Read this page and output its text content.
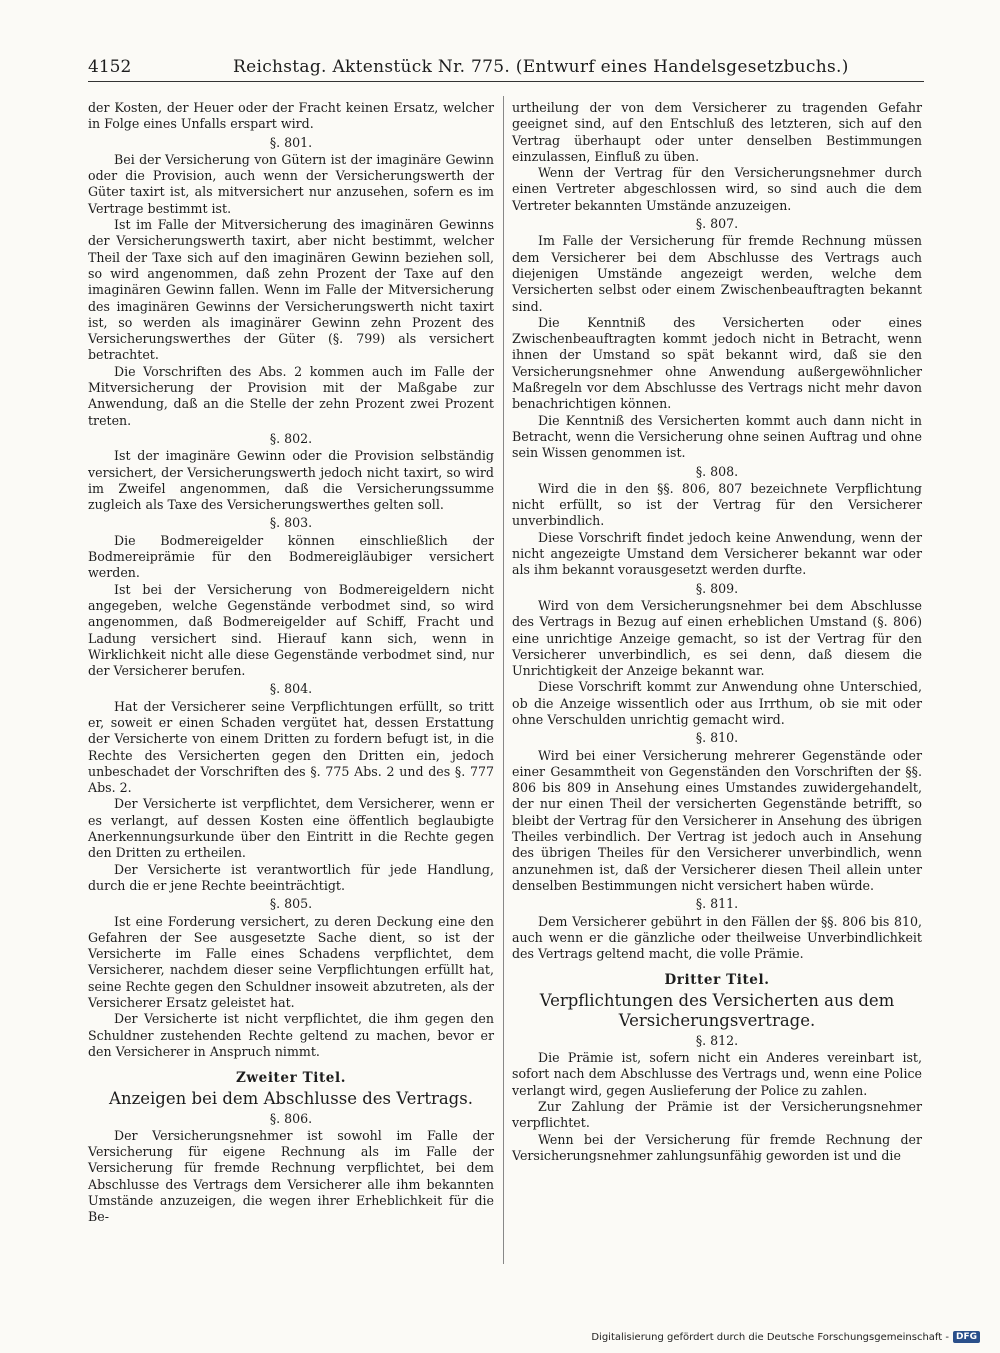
4152	Reichstag. Aktenstück Nr. 775. (Entwurf eines Handelsgesetzbuchs.)

der Kosten, der Heuer oder der Fracht keinen Ersatz, welcher in Folge eines Unfalls erspart wird.

§. 801.

Bei der Versicherung von Gütern ist der imaginäre Gewinn oder die Provision, auch wenn der Versicherungswerth der Güter taxirt ist, als mitversichert nur anzusehen, sofern es im Vertrage bestimmt ist.

Ist im Falle der Mitversicherung des imaginären Gewinns der Versicherungswerth taxirt, aber nicht bestimmt, welcher Theil der Taxe sich auf den imaginären Gewinn beziehen soll, so wird angenommen, daß zehn Prozent der Taxe auf den imaginären Gewinn fallen. Wenn im Falle der Mitversicherung des imaginären Gewinns der Versicherungswerth nicht taxirt ist, so werden als imaginärer Gewinn zehn Prozent des Versicherungswerthes der Güter (§. 799) als versichert betrachtet.

Die Vorschriften des Abs. 2 kommen auch im Falle der Mitversicherung der Provision mit der Maßgabe zur Anwendung, daß an die Stelle der zehn Prozent zwei Prozent treten.

§. 802.

Ist der imaginäre Gewinn oder die Provision selbständig versichert, der Versicherungswerth jedoch nicht taxirt, so wird im Zweifel angenommen, daß die Versicherungssumme zugleich als Taxe des Versicherungswerthes gelten soll.

§. 803.

Die Bodmereigelder können einschließlich der Bodmereiprämie für den Bodmereigläubiger versichert werden.

Ist bei der Versicherung von Bodmereigeldern nicht angegeben, welche Gegenstände verbodmet sind, so wird angenommen, daß Bodmereigelder auf Schiff, Fracht und Ladung versichert sind. Hierauf kann sich, wenn in Wirklichkeit nicht alle diese Gegenstände verbodmet sind, nur der Versicherer berufen.

§. 804.

Hat der Versicherer seine Verpflichtungen erfüllt, so tritt er, soweit er einen Schaden vergütet hat, dessen Erstattung der Versicherte von einem Dritten zu fordern befugt ist, in die Rechte des Versicherten gegen den Dritten ein, jedoch unbeschadet der Vorschriften des §. 775 Abs. 2 und des §. 777 Abs. 2.

Der Versicherte ist verpflichtet, dem Versicherer, wenn er es verlangt, auf dessen Kosten eine öffentlich beglaubigte Anerkennungsurkunde über den Eintritt in die Rechte gegen den Dritten zu ertheilen.

Der Versicherte ist verantwortlich für jede Handlung, durch die er jene Rechte beeinträchtigt.

§. 805.

Ist eine Forderung versichert, zu deren Deckung eine den Gefahren der See ausgesetzte Sache dient, so ist der Versicherte im Falle eines Schadens verpflichtet, dem Versicherer, nachdem dieser seine Verpflichtungen erfüllt hat, seine Rechte gegen den Schuldner insoweit abzutreten, als der Versicherer Ersatz geleistet hat.

Der Versicherte ist nicht verpflichtet, die ihm gegen den Schuldner zustehenden Rechte geltend zu machen, bevor er den Versicherer in Anspruch nimmt.

Zweiter Titel.
Anzeigen bei dem Abschlusse des Vertrags.
§. 806.

Der Versicherungsnehmer ist sowohl im Falle der Versicherung für eigene Rechnung als im Falle der Versicherung für fremde Rechnung verpflichtet, bei dem Abschlusse des Vertrags dem Versicherer alle ihm bekannten Umstände anzuzeigen, die wegen ihrer Erheblichkeit für die Be-

urtheilung der von dem Versicherer zu tragenden Gefahr geeignet sind, auf den Entschluß des letzteren, sich auf den Vertrag überhaupt oder unter denselben Bestimmungen einzulassen, Einfluß zu üben.

Wenn der Vertrag für den Versicherungsnehmer durch einen Vertreter abgeschlossen wird, so sind auch die dem Vertreter bekannten Umstände anzuzeigen.

§. 807.

Im Falle der Versicherung für fremde Rechnung müssen dem Versicherer bei dem Abschlusse des Vertrags auch diejenigen Umstände angezeigt werden, welche dem Versicherten selbst oder einem Zwischenbeauftragten bekannt sind.

Die Kenntniß des Versicherten oder eines Zwischenbeauftragten kommt jedoch nicht in Betracht, wenn ihnen der Umstand so spät bekannt wird, daß sie den Versicherungsnehmer ohne Anwendung außergewöhnlicher Maßregeln vor dem Abschlusse des Vertrags nicht mehr davon benachrichtigen können.

Die Kenntniß des Versicherten kommt auch dann nicht in Betracht, wenn die Versicherung ohne seinen Auftrag und ohne sein Wissen genommen ist.

§. 808.

Wird die in den §§. 806, 807 bezeichnete Verpflichtung nicht erfüllt, so ist der Vertrag für den Versicherer unverbindlich.

Diese Vorschrift findet jedoch keine Anwendung, wenn der nicht angezeigte Umstand dem Versicherer bekannt war oder als ihm bekannt vorausgesetzt werden durfte.

§. 809.

Wird von dem Versicherungsnehmer bei dem Abschlusse des Vertrags in Bezug auf einen erheblichen Umstand (§. 806) eine unrichtige Anzeige gemacht, so ist der Vertrag für den Versicherer unverbindlich, es sei denn, daß diesem die Unrichtigkeit der Anzeige bekannt war.

Diese Vorschrift kommt zur Anwendung ohne Unterschied, ob die Anzeige wissentlich oder aus Irrthum, ob sie mit oder ohne Verschulden unrichtig gemacht wird.

§. 810.

Wird bei einer Versicherung mehrerer Gegenstände oder einer Gesammtheit von Gegenständen den Vorschriften der §§. 806 bis 809 in Ansehung eines Umstandes zuwidergehandelt, der nur einen Theil der versicherten Gegenstände betrifft, so bleibt der Vertrag für den Versicherer in Ansehung des übrigen Theiles verbindlich. Der Vertrag ist jedoch auch in Ansehung des übrigen Theiles für den Versicherer unverbindlich, wenn anzunehmen ist, daß der Versicherer diesen Theil allein unter denselben Bestimmungen nicht versichert haben würde.

§. 811.

Dem Versicherer gebührt in den Fällen der §§. 806 bis 810, auch wenn er die gänzliche oder theilweise Unverbindlichkeit des Vertrags geltend macht, die volle Prämie.

Dritter Titel.
Verpflichtungen des Versicherten aus dem Versicherungsvertrage.
§. 812.

Die Prämie ist, sofern nicht ein Anderes vereinbart ist, sofort nach dem Abschlusse des Vertrags und, wenn eine Police verlangt wird, gegen Auslieferung der Police zu zahlen.

Zur Zahlung der Prämie ist der Versicherungsnehmer verpflichtet.

Wenn bei der Versicherung für fremde Rechnung der Versicherungsnehmer zahlungsunfähig geworden ist und die

Digitalisierung gefördert durch die Deutsche Forschungsgemeinschaft - DFG
